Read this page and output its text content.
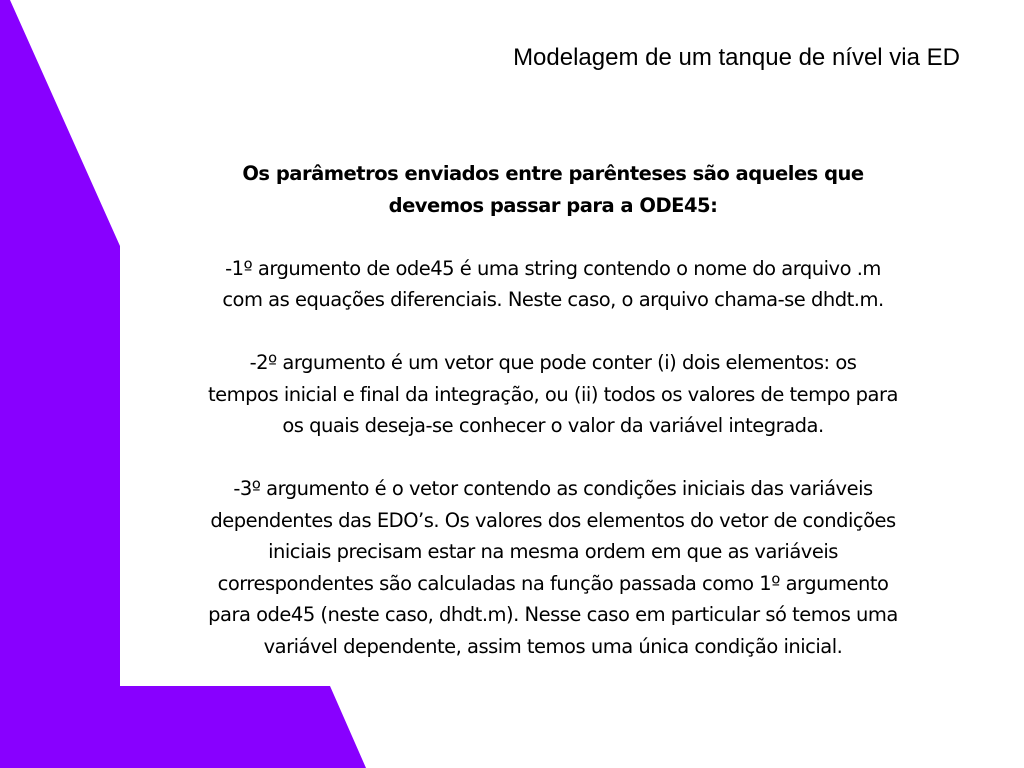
Modelagem de um tanque de nível via ED

Os parâmetros enviados entre parênteses são aqueles que

devemos passar para a ODE45:

-1º argumento de ode45 é uma string contendo o nome do arquivo .m

com as equações diferenciais. Neste caso, o arquivo chama-se dhdt.m.

-2º argumento é um vetor que pode conter (i) dois elementos: os

tempos inicial e final da integração, ou (ii) todos os valores de tempo para

os quais deseja-se conhecer o valor da variável integrada.

-3º argumento é o vetor contendo as condições iniciais das variáveis

dependentes das EDO’s. Os valores dos elementos do vetor de condições

iniciais precisam estar na mesma ordem em que as variáveis

correspondentes são calculadas na função passada como 1º argumento

para ode45 (neste caso, dhdt.m). Nesse caso em particular só temos uma

variável dependente, assim temos uma única condição inicial.
